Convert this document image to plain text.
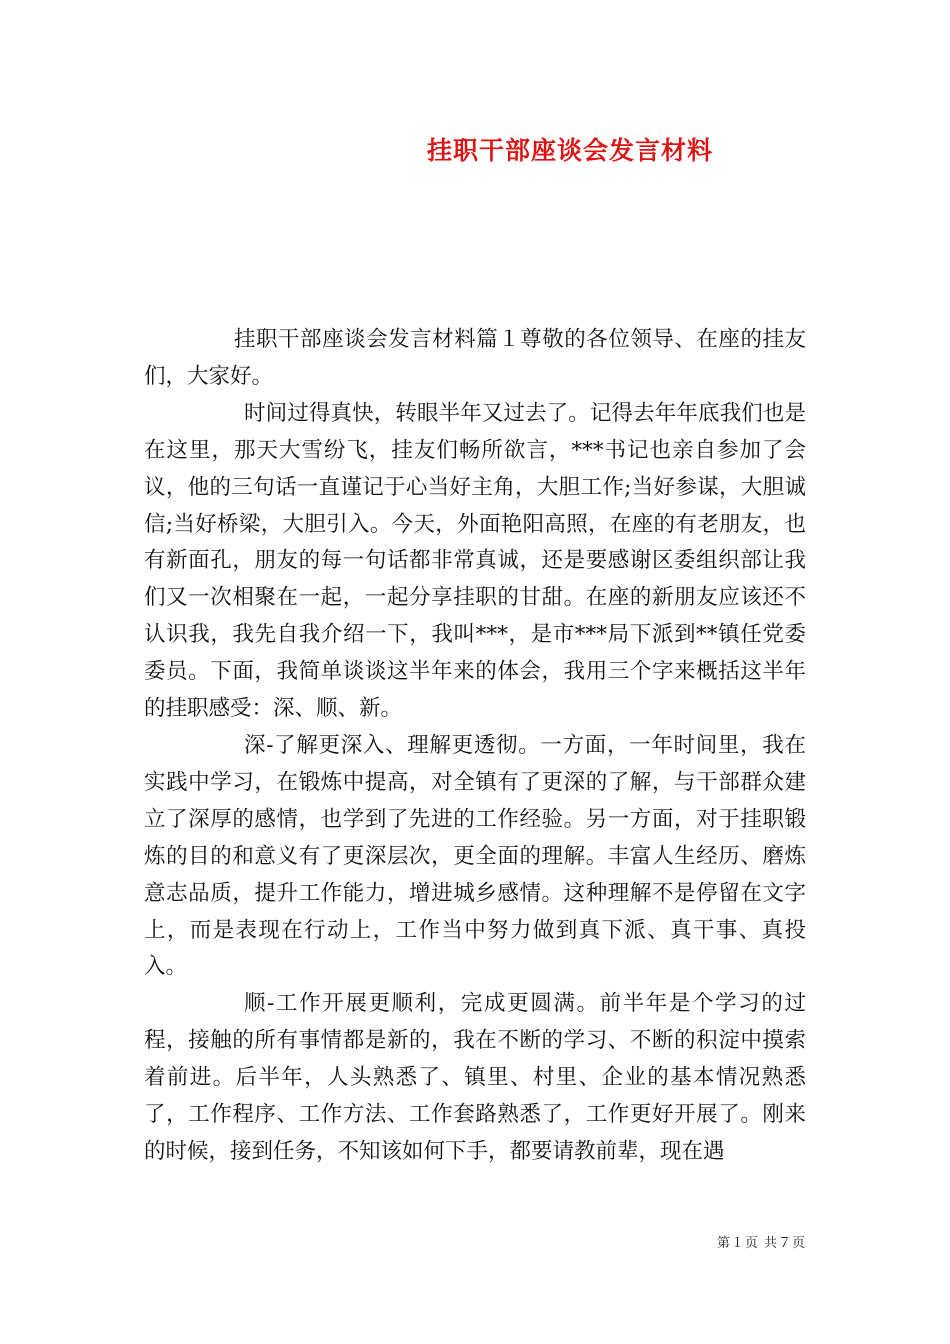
挂职干部座谈会发言材料

挂职干部座谈会发言材料篇１尊敬的各位领导、在座的挂友们，大家好。

时间过得真快，转眼半年又过去了。记得去年年底我们也是在这里，那天大雪纷飞，挂友们畅所欲言，***书记也亲自参加了会议，他的三句话一直谨记于心当好主角，大胆工作;当好参谋，大胆诚信;当好桥梁，大胆引入。今天，外面艳阳高照，在座的有老朋友，也有新面孔，朋友的每一句话都非常真诚，还是要感谢区委组织部让我们又一次相聚在一起，一起分享挂职的甘甜。在座的新朋友应该还不认识我，我先自我介绍一下，我叫***，是市***局下派到**镇任党委委员。下面，我简单谈谈这半年来的体会，我用三个字来概括这半年的挂职感受：深、顺、新。

深-了解更深入、理解更透彻。一方面，一年时间里，我在实践中学习，在锻炼中提高，对全镇有了更深的了解，与干部群众建立了深厚的感情，也学到了先进的工作经验。另一方面，对于挂职锻炼的目的和意义有了更深层次，更全面的理解。丰富人生经历、磨炼意志品质，提升工作能力，增进城乡感情。这种理解不是停留在文字上，而是表现在行动上，工作当中努力做到真下派、真干事、真投入。

顺-工作开展更顺利，完成更圆满。前半年是个学习的过程，接触的所有事情都是新的，我在不断的学习、不断的积淀中摸索着前进。后半年，人头熟悉了、镇里、村里、企业的基本情况熟悉了，工作程序、工作方法、工作套路熟悉了，工作更好开展了。刚来的时候，接到任务，不知该如何下手，都要请教前辈，现在遇

第１页 共７页
